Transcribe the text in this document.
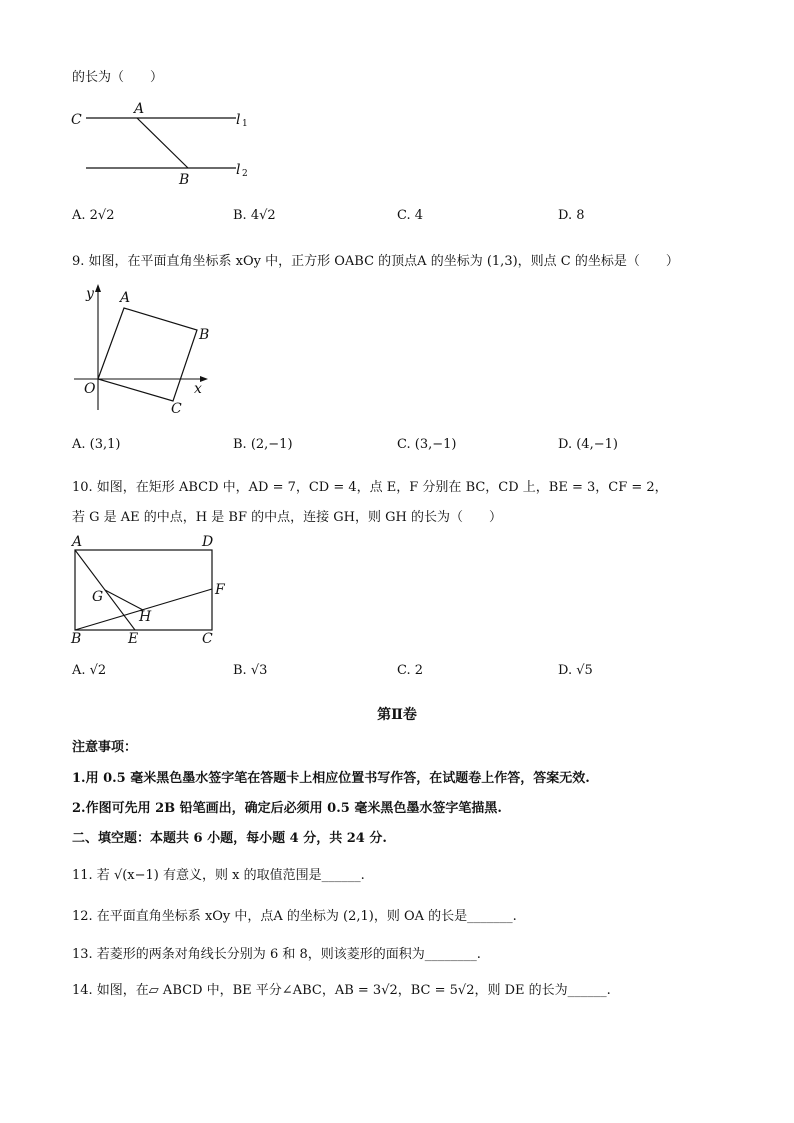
的长为（　　）
C
A
B
l 1
l 2
A. 2√2	B. 4√2	C. 4	D. 8
9. 如图，在平面直角坐标系 xOy 中，正方形 OABC 的顶点A 的坐标为 (1,3)，则点 C 的坐标是（　　）
y A
B
O	x
C
A. (3,1)	B. (2,−1)	C. (3,−1)	D. (4,−1)
10. 如图，在矩形 ABCD 中，AD = 7，CD = 4，点 E，F 分别在 BC，CD 上，BE = 3，CF = 2，
若 G 是 AE 的中点，H 是 BF 的中点，连接 GH，则 GH 的长为（　　）
A	D
F
G
H
B	E	C
A. √2	B. √3	C. 2	D. √5
第Ⅱ卷
注意事项：
1.用 0.5 毫米黑色墨水签字笔在答题卡上相应位置书写作答，在试题卷上作答，答案无效.
2.作图可先用 2B 铅笔画出，确定后必须用 0.5 毫米黑色墨水签字笔描黑.
二、填空题：本题共 6 小题，每小题 4 分，共 24 分.
11. 若 √(x−1) 有意义，则 x 的取值范围是______.
12. 在平面直角坐标系 xOy 中，点A 的坐标为 (2,1)，则 OA 的长是_______.
13. 若菱形的两条对角线长分别为 6 和 8，则该菱形的面积为________.
14. 如图，在▱ ABCD 中，BE 平分∠ABC，AB = 3√2，BC = 5√2，则 DE 的长为______.
